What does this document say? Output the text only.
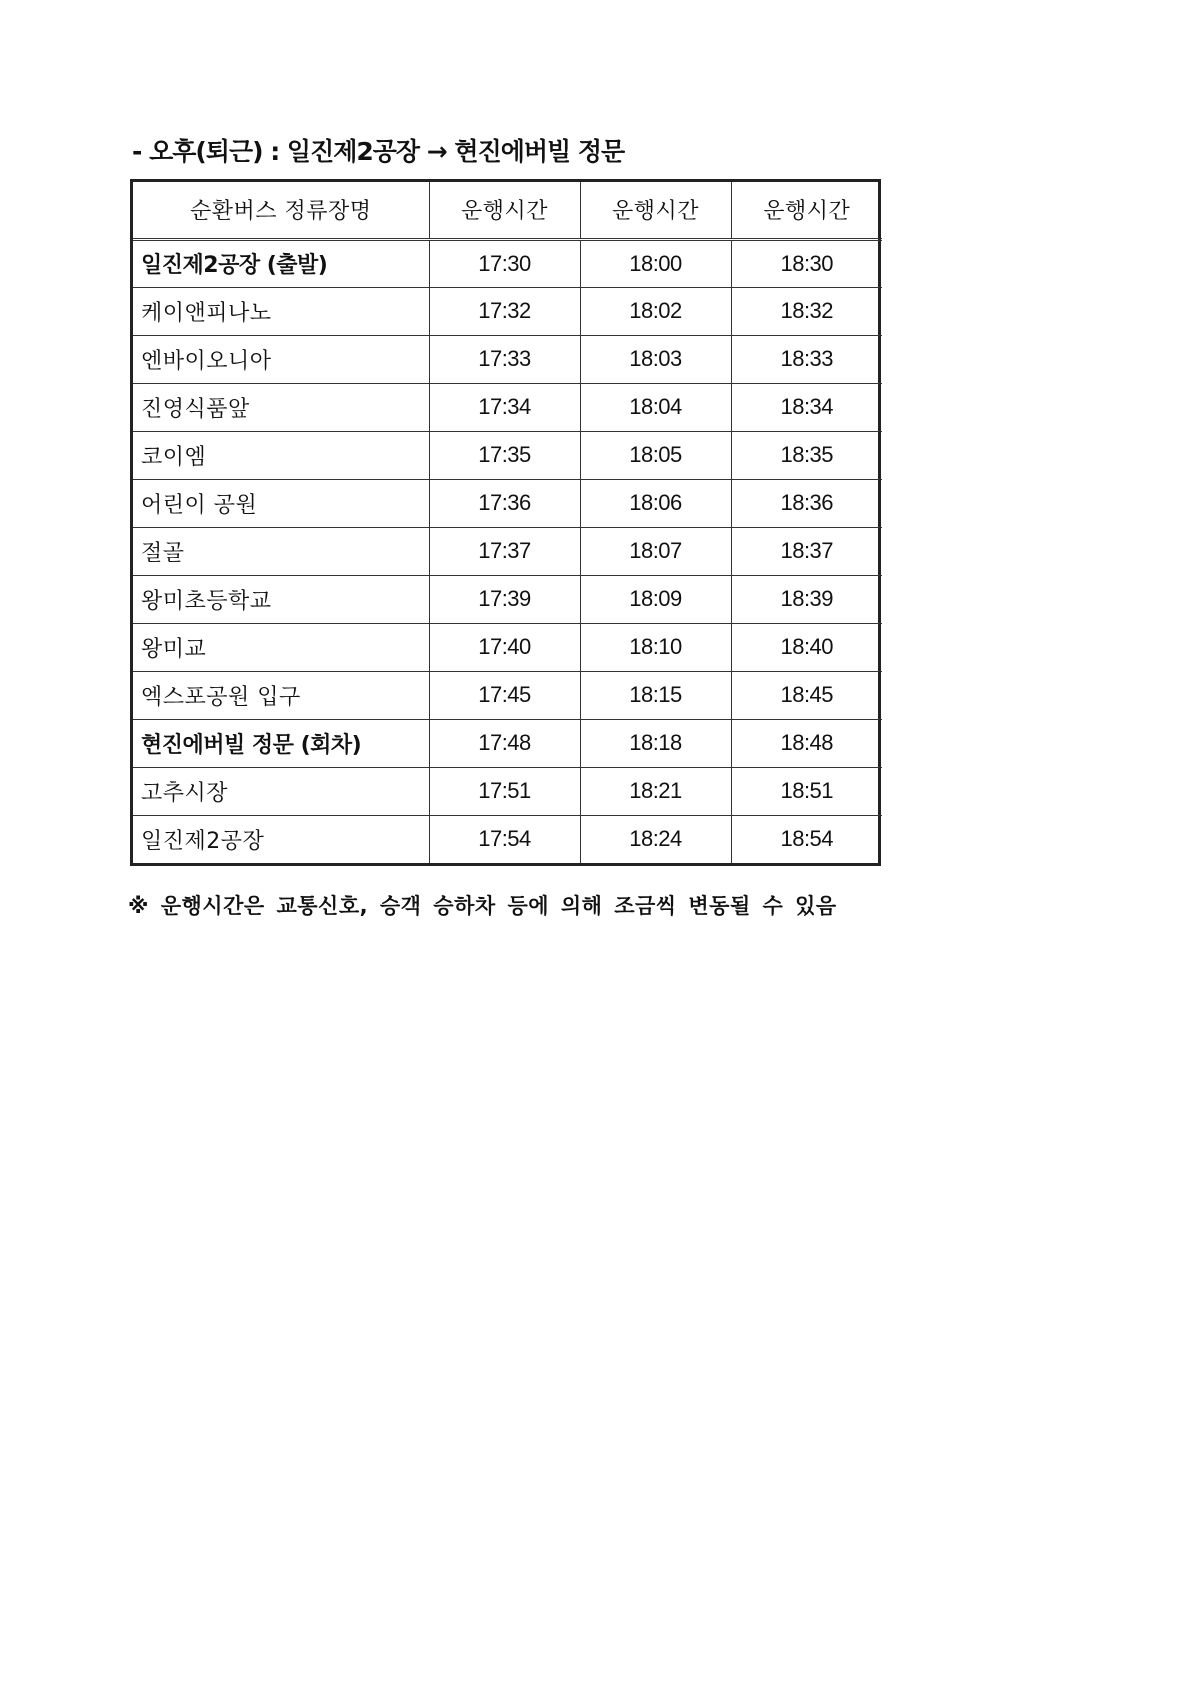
- 오후(퇴근) : 일진제2공장 → 현진에버빌 정문
순환버스 정류장명	운행시간	운행시간	운행시간
일진제2공장 (출발)	17:30	18:00	18:30
케이앤피나노	17:32	18:02	18:32
엔바이오니아	17:33	18:03	18:33
진영식품앞	17:34	18:04	18:34
코이엠	17:35	18:05	18:35
어린이 공원	17:36	18:06	18:36
절골	17:37	18:07	18:37
왕미초등학교	17:39	18:09	18:39
왕미교	17:40	18:10	18:40
엑스포공원 입구	17:45	18:15	18:45
현진에버빌 정문 (회차)	17:48	18:18	18:48
고추시장	17:51	18:21	18:51
일진제2공장	17:54	18:24	18:54
※ 운행시간은 교통신호, 승객 승하차 등에 의해 조금씩 변동될 수 있음
